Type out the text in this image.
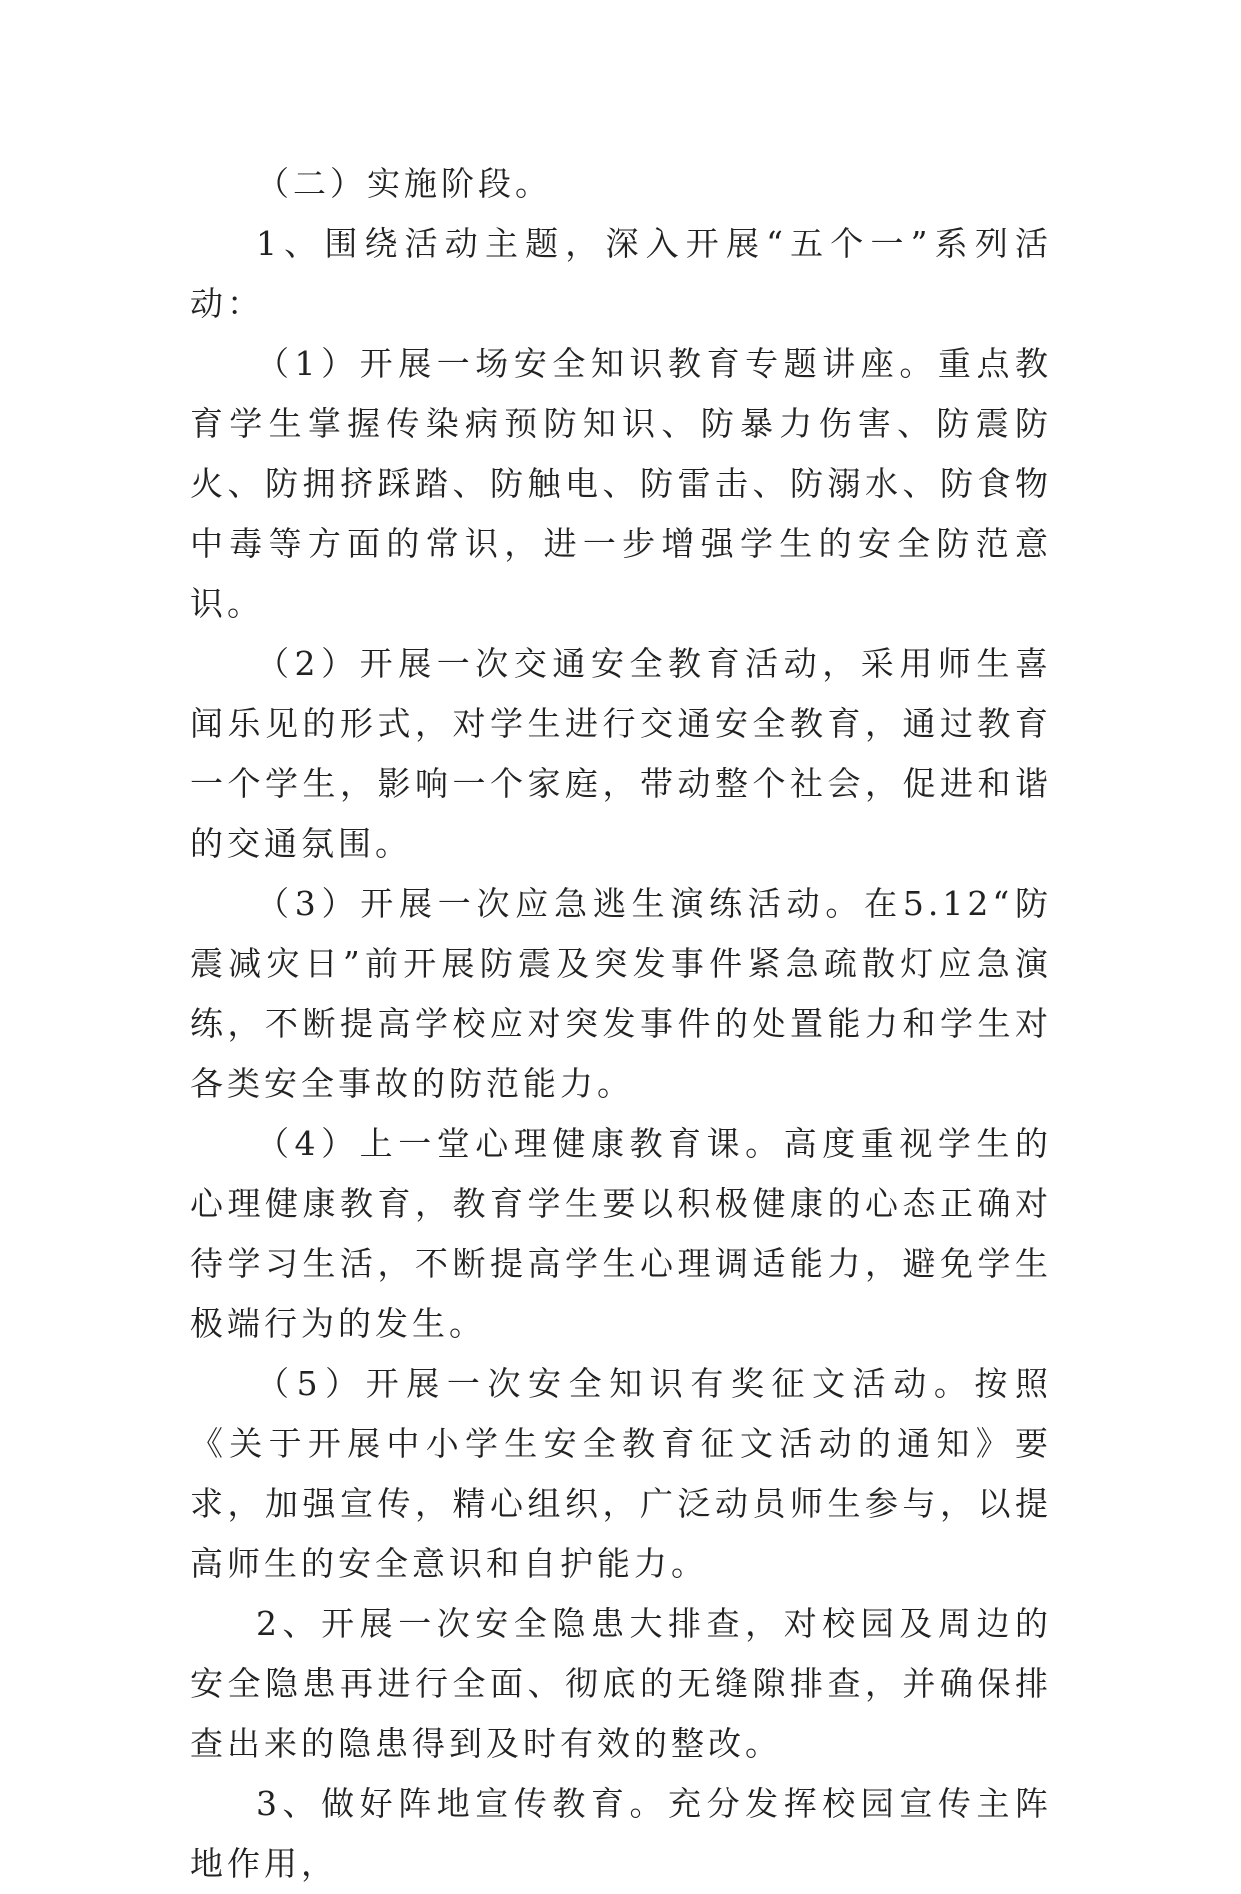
（二）实施阶段。

1、围绕活动主题，深入开展“五个一”系列活动：

（1）开展一场安全知识教育专题讲座。重点教育学生掌握传染病预防知识、防暴力伤害、防震防火、防拥挤踩踏、防触电、防雷击、防溺水、防食物中毒等方面的常识，进一步增强学生的安全防范意识。

（2）开展一次交通安全教育活动，采用师生喜闻乐见的形式，对学生进行交通安全教育，通过教育一个学生，影响一个家庭，带动整个社会，促进和谐的交通氛围。

（3）开展一次应急逃生演练活动。在5.12“防震减灾日”前开展防震及突发事件紧急疏散灯应急演练，不断提高学校应对突发事件的处置能力和学生对各类安全事故的防范能力。

（4）上一堂心理健康教育课。高度重视学生的心理健康教育，教育学生要以积极健康的心态正确对待学习生活，不断提高学生心理调适能力，避免学生极端行为的发生。

（5）开展一次安全知识有奖征文活动。按照《关于开展中小学生安全教育征文活动的通知》要求，加强宣传，精心组织，广泛动员师生参与，以提高师生的安全意识和自护能力。

2、开展一次安全隐患大排查，对校园及周边的安全隐患再进行全面、彻底的无缝隙排查，并确保排查出来的隐患得到及时有效的整改。

3、做好阵地宣传教育。充分发挥校园宣传主阵地作用，
